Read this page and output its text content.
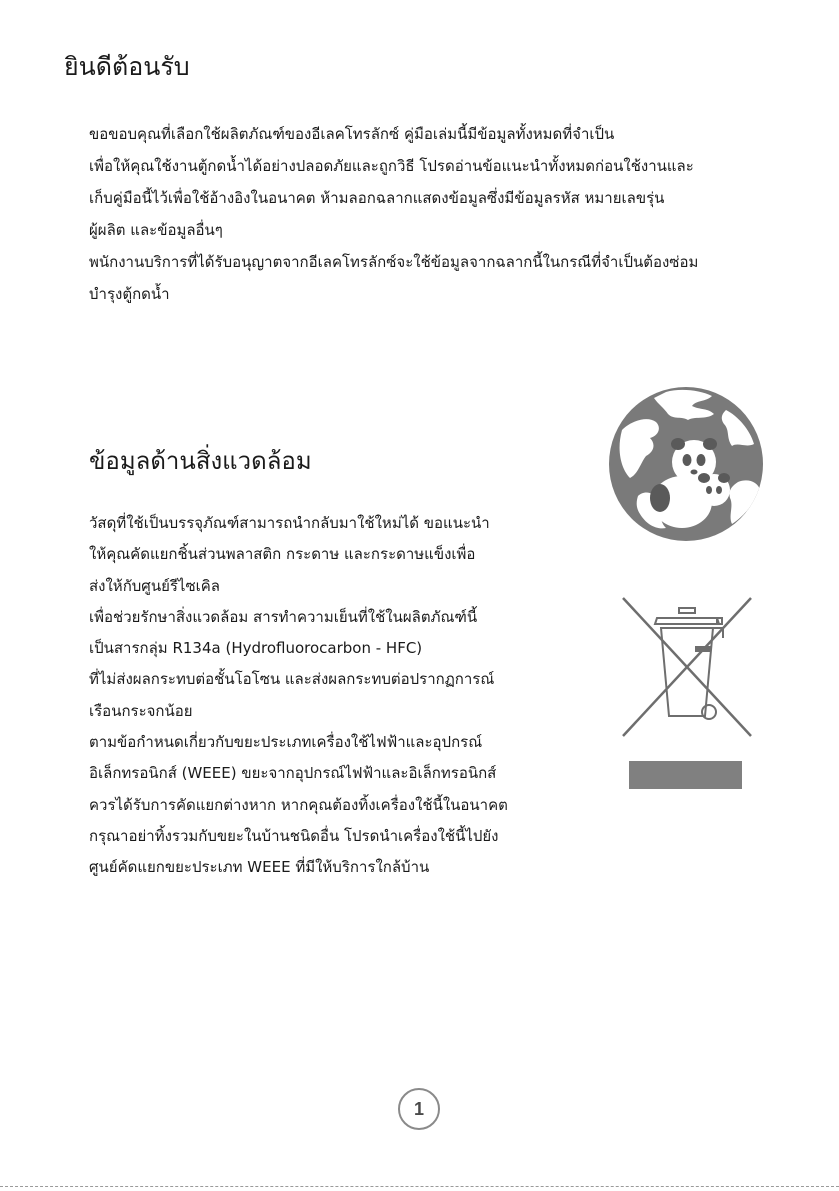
ยินดีต้อนรับ
ขอขอบคุณที่เลือกใช้ผลิตภัณฑ์ของอีเลคโทรลักซ์ คู่มือเล่มนี้มีข้อมูลทั้งหมดที่จำเป็น
เพื่อให้คุณใช้งานตู้กดน้ำได้อย่างปลอดภัยและถูกวิธี โปรดอ่านข้อแนะนำทั้งหมดก่อนใช้งานและ
เก็บคู่มือนี้ไว้เพื่อใช้อ้างอิงในอนาคต ห้ามลอกฉลากแสดงข้อมูลซึ่งมีข้อมูลรหัส หมายเลขรุ่น
ผู้ผลิต และข้อมูลอื่นๆ
พนักงานบริการที่ได้รับอนุญาตจากอีเลคโทรลักซ์จะใช้ข้อมูลจากฉลากนี้ในกรณีที่จำเป็นต้องซ่อม
บำรุงตู้กดน้ำ
ข้อมูลด้านสิ่งแวดล้อม
วัสดุที่ใช้เป็นบรรจุภัณฑ์สามารถนำกลับมาใช้ใหม่ได้ ขอแนะนำ
ให้คุณคัดแยกชิ้นส่วนพลาสติก กระดาษ และกระดาษแข็งเพื่อ
ส่งให้กับศูนย์รีไซเคิล
เพื่อช่วยรักษาสิ่งแวดล้อม สารทำความเย็นที่ใช้ในผลิตภัณฑ์นี้
เป็นสารกลุ่ม R134a (Hydrofluorocarbon - HFC)
ที่ไม่ส่งผลกระทบต่อชั้นโอโซน และส่งผลกระทบต่อปรากฏการณ์
เรือนกระจกน้อย
ตามข้อกำหนดเกี่ยวกับขยะประเภทเครื่องใช้ไฟฟ้าและอุปกรณ์
อิเล็กทรอนิกส์ (WEEE) ขยะจากอุปกรณ์ไฟฟ้าและอิเล็กทรอนิกส์
ควรได้รับการคัดแยกต่างหาก หากคุณต้องทิ้งเครื่องใช้นี้ในอนาคต
กรุณาอย่าทิ้งรวมกับขยะในบ้านชนิดอื่น โปรดนำเครื่องใช้นี้ไปยัง
ศูนย์คัดแยกขยะประเภท WEEE ที่มีให้บริการใกล้บ้าน
1
